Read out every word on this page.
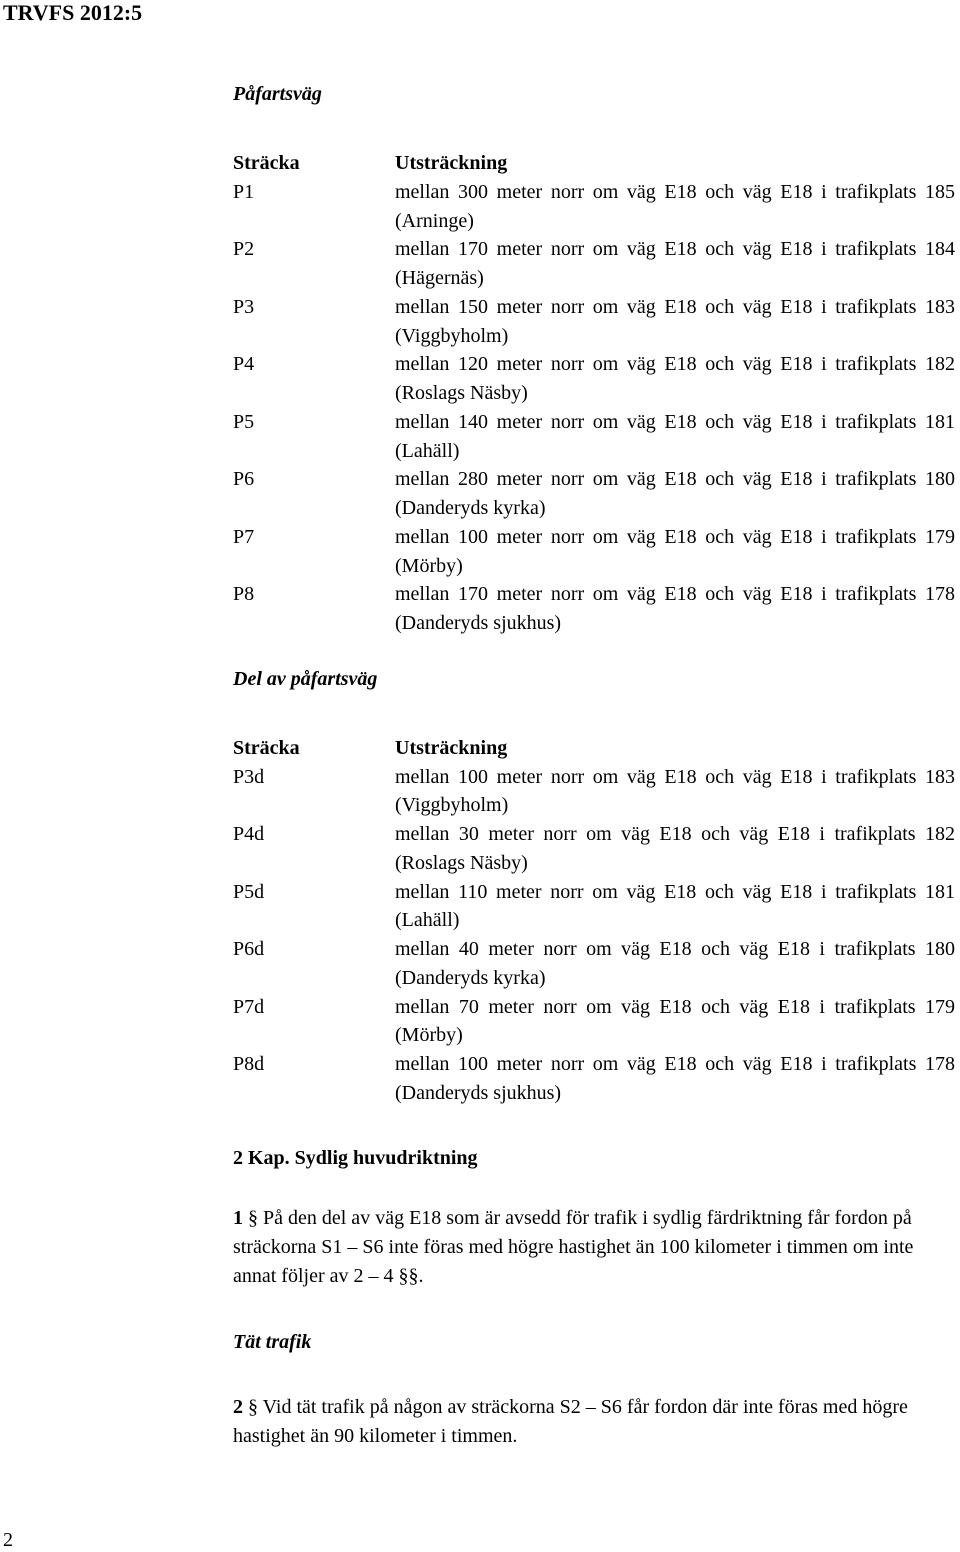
TRVFS 2012:5
Påfartsväg
Sträcka	Utsträckning
P1	mellan 300 meter norr om väg E18 och väg E18 i trafikplats 185 (Arninge)
P2	mellan 170 meter norr om väg E18 och väg E18 i trafikplats 184 (Hägernäs)
P3	mellan 150 meter norr om väg E18 och väg E18 i trafikplats 183 (Viggbyholm)
P4	mellan 120 meter norr om väg E18 och väg E18 i trafikplats 182 (Roslags Näsby)
P5	mellan 140 meter norr om väg E18 och väg E18 i trafikplats 181 (Lahäll)
P6	mellan 280 meter norr om väg E18 och väg E18 i trafikplats 180 (Danderyds kyrka)
P7	mellan 100 meter norr om väg E18 och väg E18 i trafikplats 179 (Mörby)
P8	mellan 170 meter norr om väg E18 och väg E18 i trafikplats 178 (Danderyds sjukhus)
Del av påfartsväg
Sträcka	Utsträckning
P3d	mellan 100 meter norr om väg E18 och väg E18 i trafikplats 183 (Viggbyholm)
P4d	mellan 30 meter norr om väg E18 och väg E18 i trafikplats 182 (Roslags Näsby)
P5d	mellan 110 meter norr om väg E18 och väg E18 i trafikplats 181 (Lahäll)
P6d	mellan 40 meter norr om väg E18 och väg E18 i trafikplats 180 (Danderyds kyrka)
P7d	mellan 70 meter norr om väg E18 och väg E18 i trafikplats 179 (Mörby)
P8d	mellan 100 meter norr om väg E18 och väg E18 i trafikplats 178 (Danderyds sjukhus)
2 Kap. Sydlig huvudriktning

1 § På den del av väg E18 som är avsedd för trafik i sydlig färdriktning får fordon på sträckorna S1 – S6 inte föras med högre hastighet än 100 kilometer i timmen om inte annat följer av 2 – 4 §§.

Tät trafik

2 § Vid tät trafik på någon av sträckorna S2 – S6 får fordon där inte föras med högre hastighet än 90 kilometer i timmen.

2
